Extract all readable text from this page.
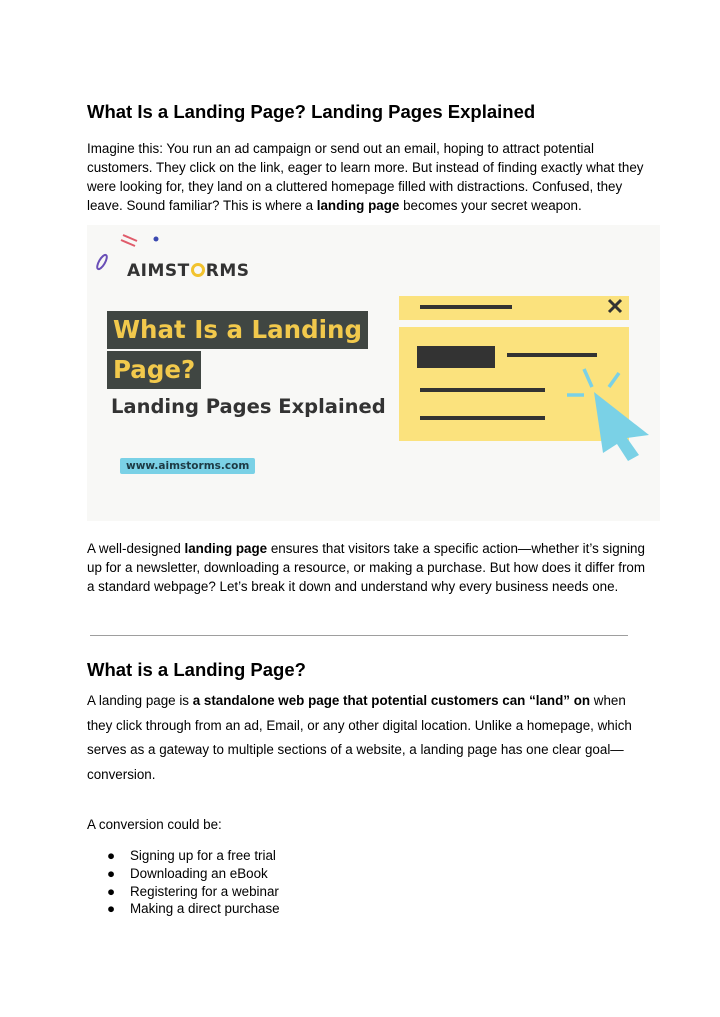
What Is a Landing Page? Landing Pages Explained
Imagine this: You run an ad campaign or send out an email, hoping to attract potential customers. They click on the link, eager to learn more. But instead of finding exactly what they were looking for, they land on a cluttered homepage filled with distractions. Confused, they leave. Sound familiar? This is where a landing page becomes your secret weapon.
AIMST RMS
What Is a Landing
Page?
Landing Pages Explained
www.aimstorms.com
A well-designed landing page ensures that visitors take a specific action—whether it’s signing up for a newsletter, downloading a resource, or making a purchase. But how does it differ from a standard webpage? Let’s break it down and understand why every business needs one.
What is a Landing Page?
A landing page is a standalone web page that potential customers can “land” on when they click through from an ad, Email, or any other digital location. Unlike a homepage, which serves as a gateway to multiple sections of a website, a landing page has one clear goal—conversion.
A conversion could be:
● Signing up for a free trial
● Downloading an eBook
● Registering for a webinar
● Making a direct purchase
